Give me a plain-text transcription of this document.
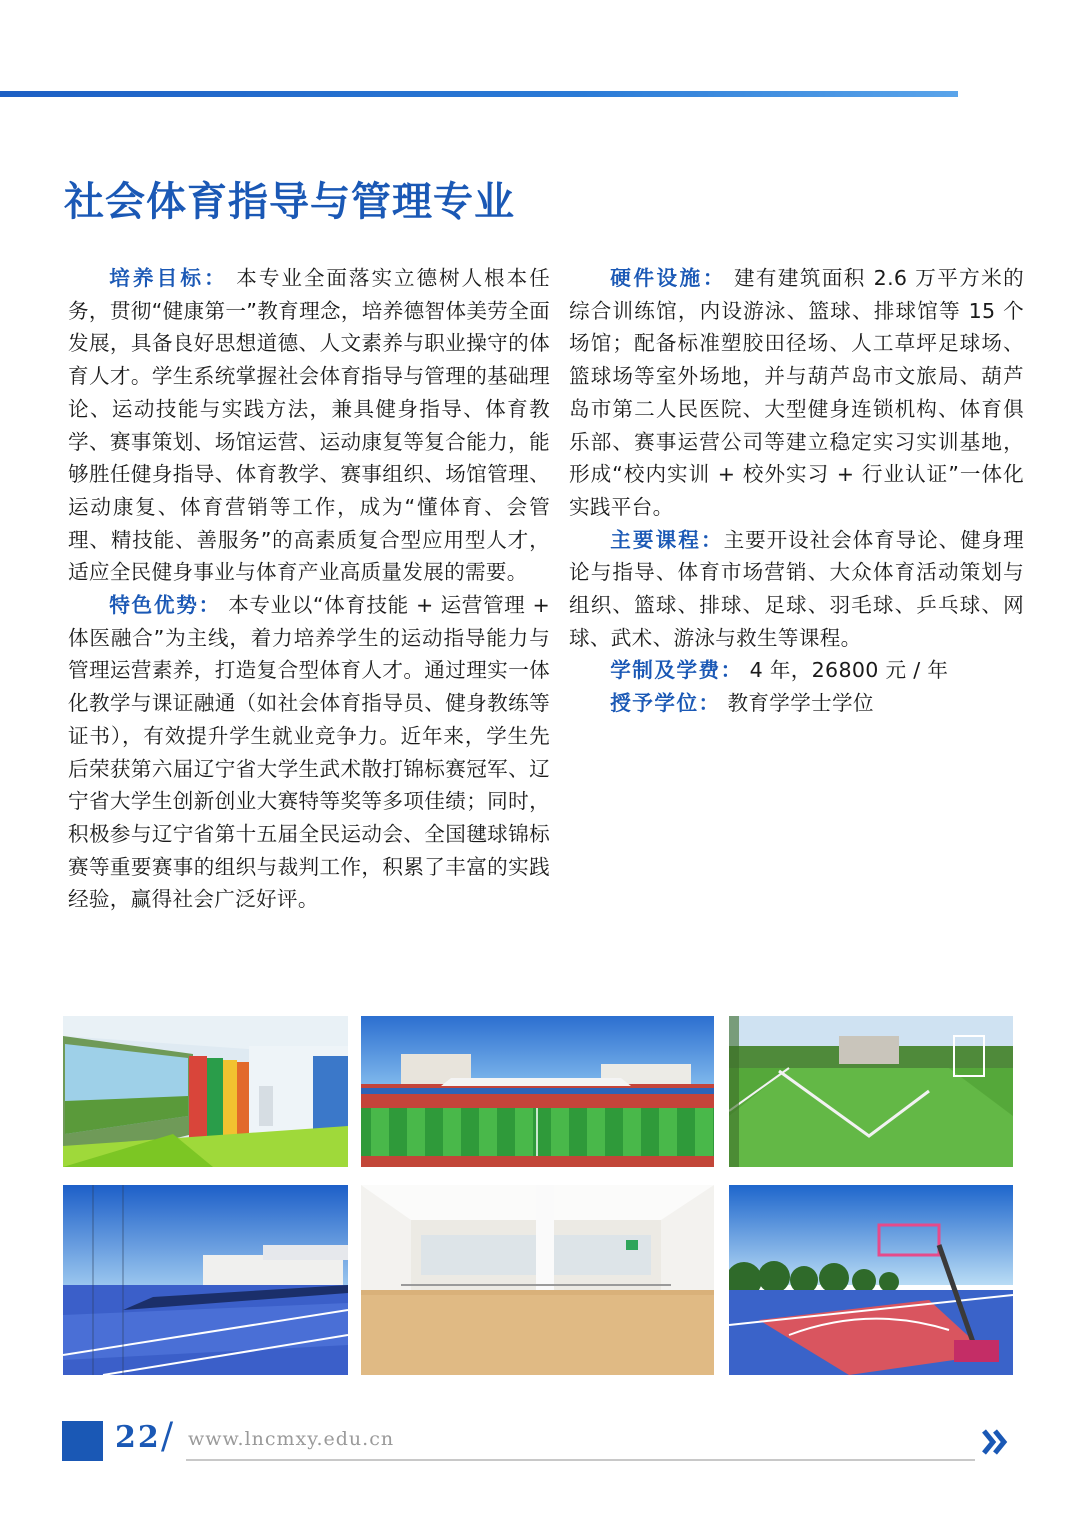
社会体育指导与管理专业

培养目标： 本专业全面落实立德树人根本任务，贯彻“健康第一”教育理念，培养德智体美劳全面发展，具备良好思想道德、人文素养与职业操守的体育人才。学生系统掌握社会体育指导与管理的基础理论、运动技能与实践方法，兼具健身指导、体育教学、赛事策划、场馆运营、运动康复等复合能力，能够胜任健身指导、体育教学、赛事组织、场馆管理、运动康复、体育营销等工作，成为“懂体育、会管理、精技能、善服务”的高素质复合型应用型人才，适应全民健身事业与体育产业高质量发展的需要。

特色优势： 本专业以“体育技能 + 运营管理 + 体医融合”为主线，着力培养学生的运动指导能力与管理运营素养，打造复合型体育人才。通过理实一体化教学与课证融通（如社会体育指导员、健身教练等证书），有效提升学生就业竞争力。近年来，学生先后荣获第六届辽宁省大学生武术散打锦标赛冠军、辽宁省大学生创新创业大赛特等奖等多项佳绩；同时，积极参与辽宁省第十五届全民运动会、全国毽球锦标赛等重要赛事的组织与裁判工作，积累了丰富的实践经验，赢得社会广泛好评。

硬件设施： 建有建筑面积 2.6 万平方米的综合训练馆，内设游泳、篮球、排球馆等 15 个场馆；配备标准塑胶田径场、人工草坪足球场、篮球场等室外场地，并与葫芦岛市文旅局、葫芦岛市第二人民医院、大型健身连锁机构、体育俱乐部、赛事运营公司等建立稳定实习实训基地，形成“校内实训 + 校外实习 + 行业认证”一体化实践平台。

主要课程：主要开设社会体育导论、健身理论与指导、体育市场营销、大众体育活动策划与组织、篮球、排球、足球、羽毛球、乒乓球、网球、武术、游泳与救生等课程。

学制及学费： 4 年，26800 元 / 年

授予学位： 教育学学士学位

22 / www.lncmxy.edu.cn
